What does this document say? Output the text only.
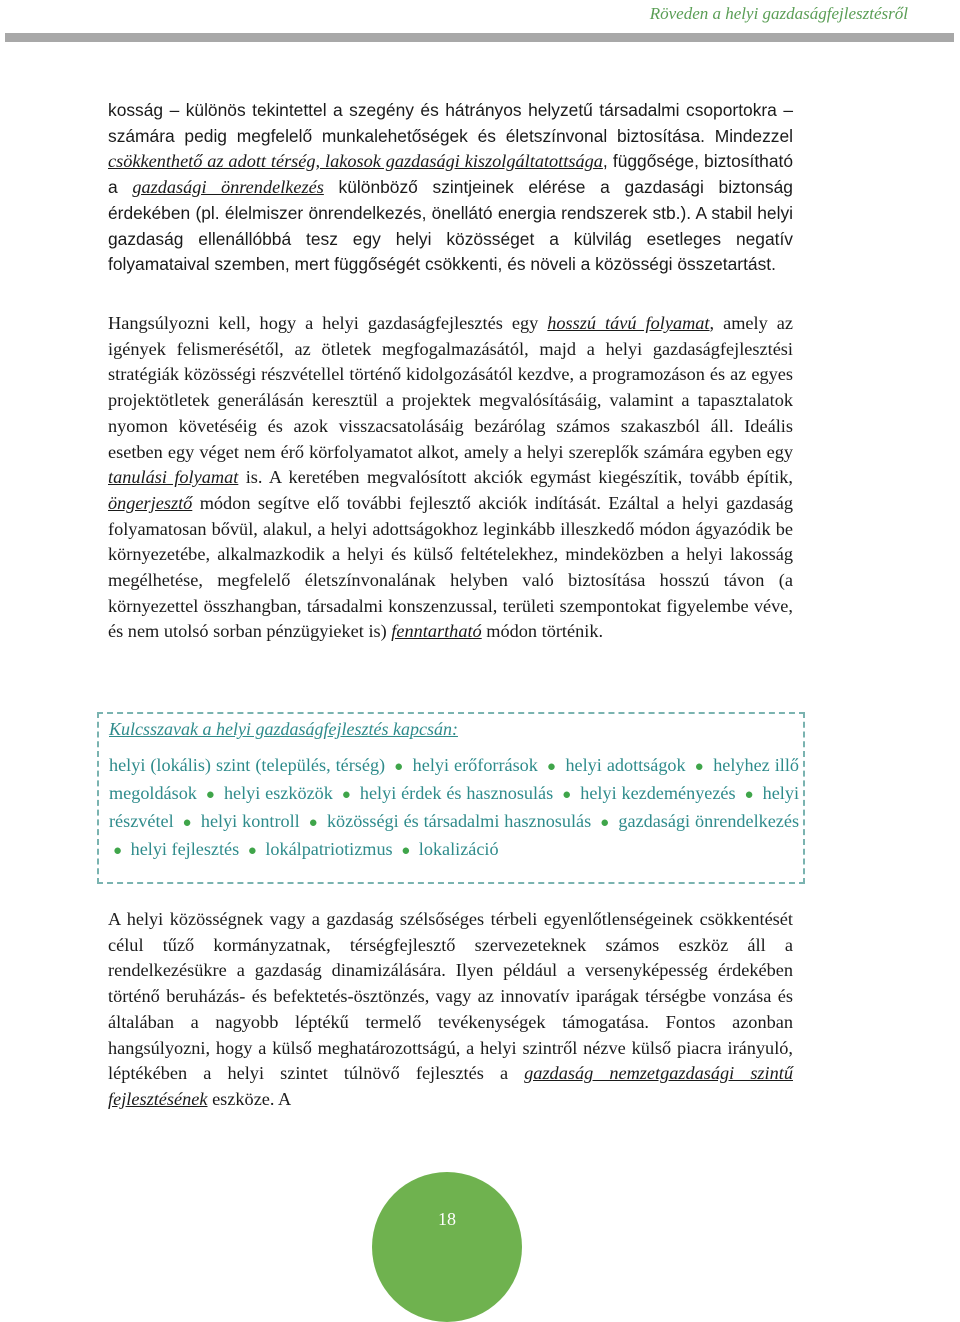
Röveden a helyi gazdaságfejlesztésről

kosság – különös tekintettel a szegény és hátrányos helyzetű társadalmi csoportokra – számára pedig megfelelő munkalehetőségek és életszínvonal biztosítása. Mindezzel csökkenthető az adott térség, lakosok gazdasági kiszolgáltatottsága, függősége, biztosítható a gazdasági önrendelkezés különböző szintjeinek elérése a gazdasági biztonság érdekében (pl. élelmiszer önrendelkezés, önellátó energia rendszerek stb.). A stabil helyi gazdaság ellenállóbbá tesz egy helyi közösséget a külvilág esetleges negatív folyamataival szemben, mert függőségét csökkenti, és növeli a közösségi összetartást.

Hangsúlyozni kell, hogy a helyi gazdaságfejlesztés egy hosszú távú folyamat, amely az igények felismerésétől, az ötletek megfogalmazásától, majd a helyi gazdaságfejlesztési stratégiák közösségi részvétellel történő kidolgozásától kezdve, a programozáson és az egyes projektötletek generálásán keresztül a projektek megvalósításáig, valamint a tapasztalatok nyomon követéséig és azok visszacsatolásáig bezárólag számos szakaszból áll. Ideális esetben egy véget nem érő körfolyamatot alkot, amely a helyi szereplők számára egyben egy tanulási folyamat is. A keretében megvalósított akciók egymást kiegészítik, tovább építik, öngerjesztő módon segítve elő további fejlesztő akciók indítását. Ezáltal a helyi gazdaság folyamatosan bővül, alakul, a helyi adottságokhoz leginkább illeszkedő módon ágyazódik be környezetébe, alkalmazkodik a helyi és külső feltételekhez, mindeközben a helyi lakosság megélhetése, megfelelő életszínvonalának helyben való biztosítása hosszú távon (a környezettel összhangban, társadalmi konszenzussal, területi szempontokat figyelembe véve, és nem utolsó sorban pénzügyieket is) fenntartható módon történik.

Kulcsszavak a helyi gazdaságfejlesztés kapcsán:
helyi (lokális) szint (település, térség) ● helyi erőforrások ● helyi adottságok ● helyhez illő megoldások ● helyi eszközök ● helyi érdek és hasznosulás ● helyi kezdeményezés ● helyi részvétel ● helyi kontroll ● közösségi és társadalmi hasznosulás ● gazdasági önrendelkezés ● helyi fejlesztés ● lokálpatriotizmus ● lokalizáció

A helyi közösségnek vagy a gazdaság szélsőséges térbeli egyenlőtlenségeinek csökkentését célul tűző kormányzatnak, térségfejlesztő szervezeteknek számos eszköz áll a rendelkezésükre a gazdaság dinamizálására. Ilyen például a versenyképesség érdekében történő beruházás- és befektetés-ösztönzés, vagy az innovatív iparágak térségbe vonzása és általában a nagyobb léptékű termelő tevékenységek támogatása. Fontos azonban hangsúlyozni, hogy a külső meghatározottságú, a helyi szintről nézve külső piacra irányuló, léptékében a helyi szintet túlnövő fejlesztés a gazdaság nemzetgazdasági szintű fejlesztésének eszköze. A

18
